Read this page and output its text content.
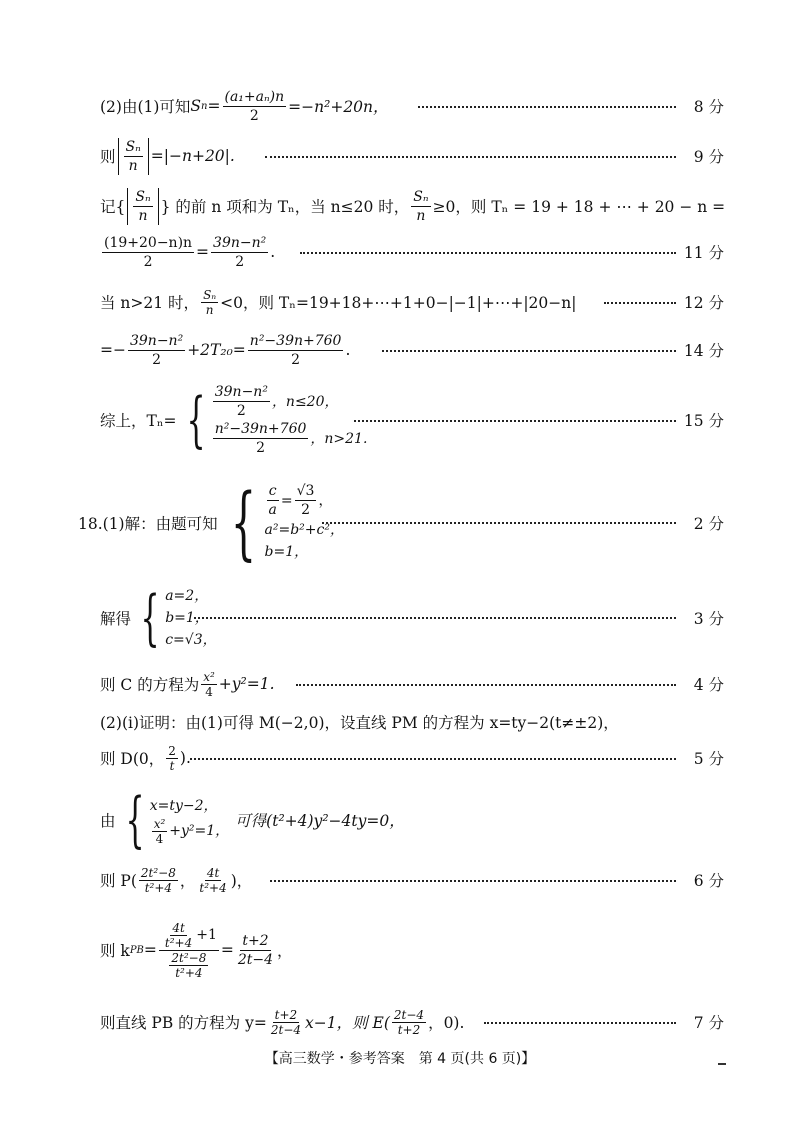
(2)由(1)可知 S $n = \frac{\text{(a₁+aₙ)n}}{2} =-n^2+20n$，	8 分
则 $\frac{\text{Sₙ}}{n} =|-n+20|$.	9 分
记{ $\frac{\text{Sₙ}}{n}$ } 的前 n 项和为 Tₙ，当 n≤20 时， $\frac{\text{Sₙ}}{n} \ge 0$，则 Tₙ = 19 + 18 + ⋯ + 20 − n =
$\frac{(19+20-n)n}{2} = \frac{\text{39n−n²}}{2}$ .	11 分
当 n>21 时， $\frac{\text{Sₙ}}{n} <0$，则 Tₙ=19+18+⋯+1+0−|−1|+⋯+|20−n|	12 分
=− $\frac{\text{39n−n²}}{2} +2T_{20}= \frac{\text{n²−39n+760}}{2}$ .	14 分
综上，Tₙ= { $\frac{\text{39n−n²}}{2}$ ，n≤20，
$\frac{\text{n²−39n+760}}{2}$ ，n>21.
15 分
18.(1)解：由题可知 { $\frac{c}{a} = \frac{√3}{2}$ ，
a²=b²+c²，
b=1，
2 分
解得 { a=2，
b=1，
c=√3，
3 分
则 C 的方程为 $\frac{\text{x²}}{4} +y^2=1$.	4 分
(2)(ⅰ)证明：由(1)可得 M(−2,0)，设直线 PM 的方程为 x=ty−2(t≠±2)，
则 D(0， $\frac{2}{t}$ ).	5 分
由 { x=ty−2，
$\frac{\text{x²}}{4} +y^2=1$，
可得(t²+4)y²−4ty=0，
则 $P( \frac{\text{2t²−8}}{\text{t²+4}}$ ， $\frac{4t}{\text{t²+4}}$ )，	6 分
则 k PB = $\frac{\frac{4t}{\text{t²+4}} +1}{\frac{\text{2t²−8}}{\text{t²+4}}} = \frac{t+2}{2t-4}$ ，
则直线 PB 的方程为 $y= \frac{t+2}{2t-4} x-1$，则 $E( \frac{2t-4}{t+2}$ ，0).	7 分
【高三数学・参考答案　第 4 页(共 6 页)】
